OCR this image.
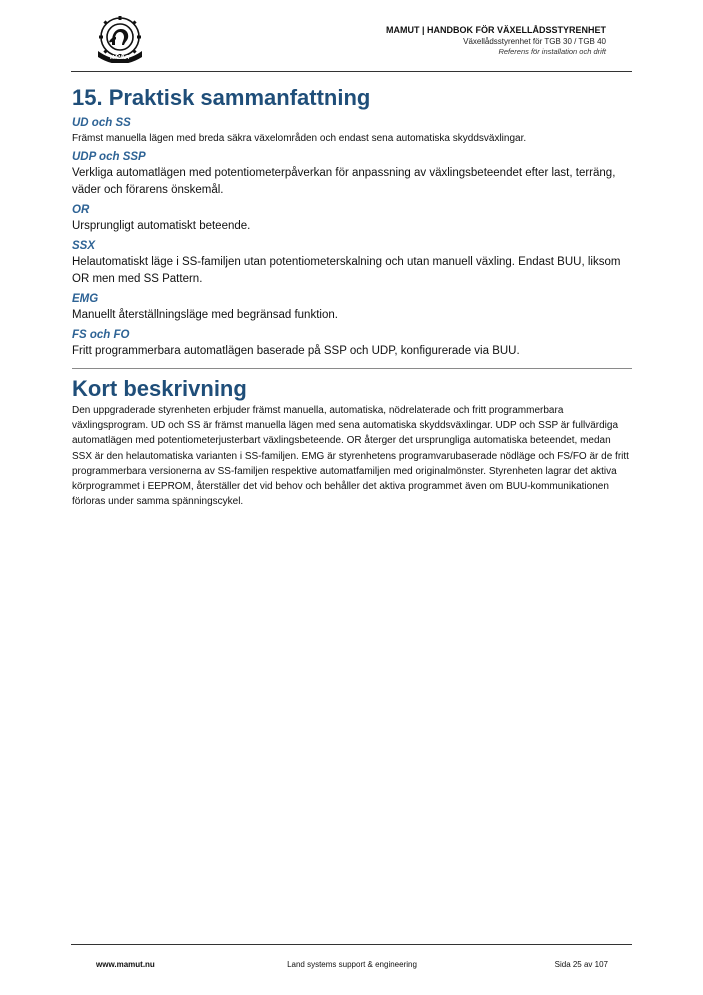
MAMUT
MAMUT | HANDBOK FÖR VÄXELLÅDSSTYRENHET
Växellådsstyrenhet för TGB 30 / TGB 40
Referens för installation och drift
15. Praktisk sammanfattning
UD och SS
Främst manuella lägen med breda säkra växelområden och endast sena automatiska skyddsväxlingar.
UDP och SSP
Verkliga automatlägen med potentiometerpåverkan för anpassning av växlingsbeteendet efter last, terräng, väder och förarens önskemål.
OR
Ursprungligt automatiskt beteende.
SSX
Helautomatiskt läge i SS-familjen utan potentiometerskalning och utan manuell växling. Endast BUU, liksom OR men med SS Pattern.
EMG
Manuellt återställningsläge med begränsad funktion.
FS och FO
Fritt programmerbara automatlägen baserade på SSP och UDP, konfigurerade via BUU.
Kort beskrivning
Den uppgraderade styrenheten erbjuder främst manuella, automatiska, nödrelaterade och fritt programmerbara växlingsprogram. UD och SS är främst manuella lägen med sena automatiska skyddsväxlingar. UDP och SSP är fullvärdiga automatlägen med potentiometerjusterbart växlingsbeteende. OR återger det ursprungliga automatiska beteendet, medan SSX är den helautomatiska varianten i SS-familjen. EMG är styrenhetens programvarubaserade nödläge och FS/FO är de fritt programmerbara versionerna av SS-familjen respektive automatfamiljen med originalmönster. Styrenheten lagrar det aktiva körprogrammet i EEPROM, återställer det vid behov och behåller det aktiva programmet även om BUU-kommunikationen förloras under samma spänningscykel.
Land systems support & engineering
www.mamut.nu	Sida 25 av 107
